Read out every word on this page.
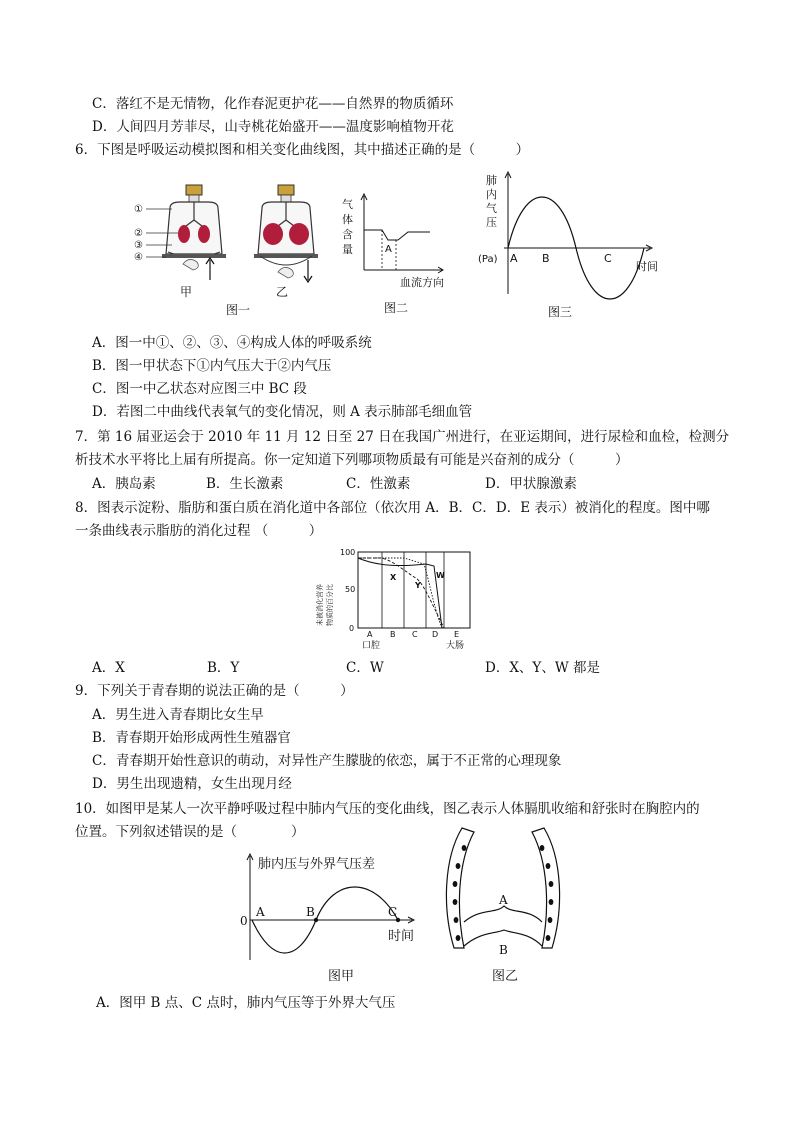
C．落红不是无情物，化作春泥更护花——自然界的物质循环
D．人间四月芳菲尽，山寺桃花始盛开——温度影响植物开花
6．下图是呼吸运动模拟图和相关变化曲线图，其中描述正确的是（　　　）
①
②
③
④
甲	乙
图一
气
体
含
量	A
血流方向
图二
肺
内
气
压
(Pa) A B	C
时间
图三
A．图一中①、②、③、④构成人体的呼吸系统
B．图一甲状态下①内气压大于②内气压
C．图一中乙状态对应图三中 BC 段
D．若图二中曲线代表氧气的变化情况，则 A 表示肺部毛细血管
7．第 16 届亚运会于 2010 年 11 月 12 日至 27 日在我国广州进行，在亚运期间，进行尿检和血检，检测分
析技术水平将比上届有所提高。你一定知道下列哪项物质最有可能是兴奋剂的成分（　　　）
A．胰岛素	B．生长激素	C．性激素	D．甲状腺激素
8．图表示淀粉、脂肪和蛋白质在消化道中各部位（依次用 A．B．C．D．E 表示）被消化的程度。图中哪
一条曲线表示脂肪的消化过程 （　　　）
未被消化营养 物质的百分比
100
50
0
X
Y
W
A B C D E
口腔	大肠
A．X	B．Y	C．W	D．X、Y、W 都是
9．下列关于青春期的说法正确的是（　　　）
A．男生进入青春期比女生早
B．青春期开始形成两性生殖器官
C．青春期开始性意识的萌动，对异性产生朦胧的依恋，属于不正常的心理现象
D．男生出现遗精，女生出现月经
10．如图甲是某人一次平静呼吸过程中肺内气压的变化曲线，图乙表示人体膈肌收缩和舒张时在胸腔内的
位置。下列叙述错误的是（　　　　）
肺内压与外界气压差
0
A	B	C
时间
图甲
A
B
图乙
A．图甲 B 点、C 点时，肺内气压等于外界大气压
